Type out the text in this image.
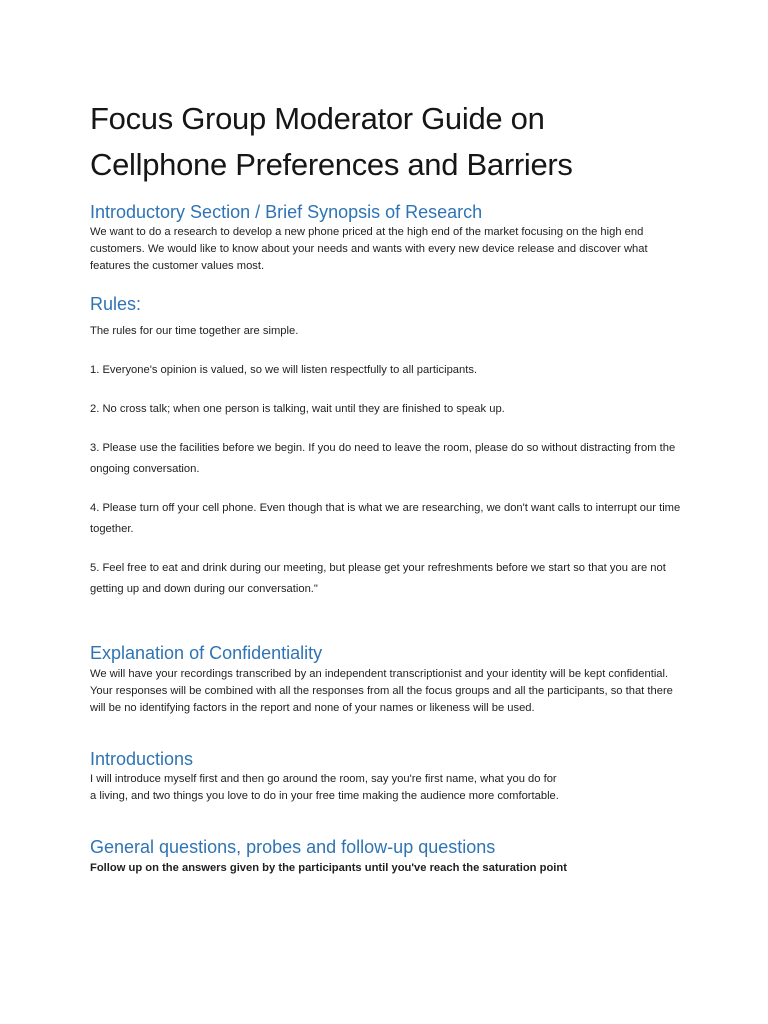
Focus Group Moderator Guide on
Cellphone Preferences and Barriers
Introductory Section / Brief Synopsis of Research

We want to do a research to develop a new phone priced at the high end of the market focusing on the high end customers. We would like to know about your needs and wants with every new device release and discover what features the customer values most.

Rules:

The rules for our time together are simple.

1. Everyone's opinion is valued, so we will listen respectfully to all participants.

2. No cross talk; when one person is talking, wait until they are finished to speak up.

3. Please use the facilities before we begin. If you do need to leave the room, please do so without distracting from the ongoing conversation.

4. Please turn off your cell phone. Even though that is what we are researching, we don't want calls to interrupt our time together.

5. Feel free to eat and drink during our meeting, but please get your refreshments before we start so that you are not getting up and down during our conversation."

Explanation of Confidentiality

We will have your recordings transcribed by an independent transcriptionist and your identity will be kept confidential. Your responses will be combined with all the responses from all the focus groups and all the participants, so that there will be no identifying factors in the report and none of your names or likeness will be used.

Introductions

I will introduce myself first and then go around the room, say you're first name, what you do for
a living, and two things you love to do in your free time making the audience more comfortable.

General questions, probes and follow-up questions

Follow up on the answers given by the participants until you've reach the saturation point
